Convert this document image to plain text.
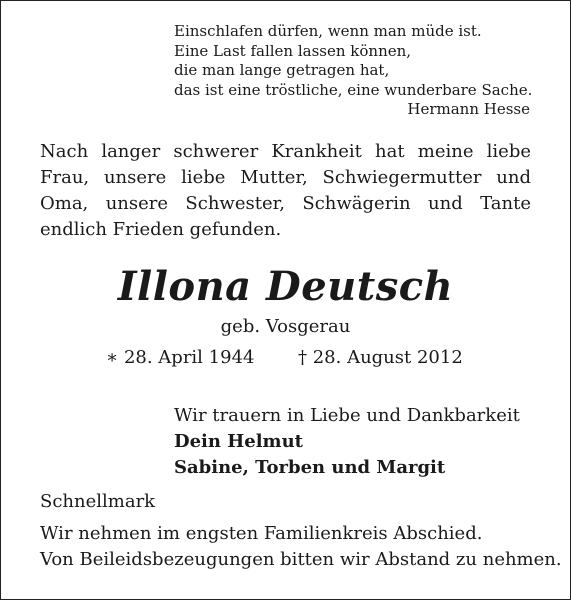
Einschlafen dürfen, wenn man müde ist.
Eine Last fallen lassen können,
die man lange getragen hat,
das ist eine tröstliche, eine wunderbare Sache.
Hermann Hesse
Nach langer schwerer Krankheit hat meine liebe Frau, unsere liebe Mutter, Schwiegermutter und Oma, unsere Schwester, Schwägerin und Tante endlich Frieden gefunden.
Illona Deutsch
geb. Vosgerau
∗ 28. April 1944 † 28. August 2012
Wir trauern in Liebe und Dankbarkeit
Dein Helmut
Sabine, Torben und Margit
Schnellmark
Wir nehmen im engsten Familienkreis Abschied.
Von Beileidsbezeugungen bitten wir Abstand zu nehmen.
